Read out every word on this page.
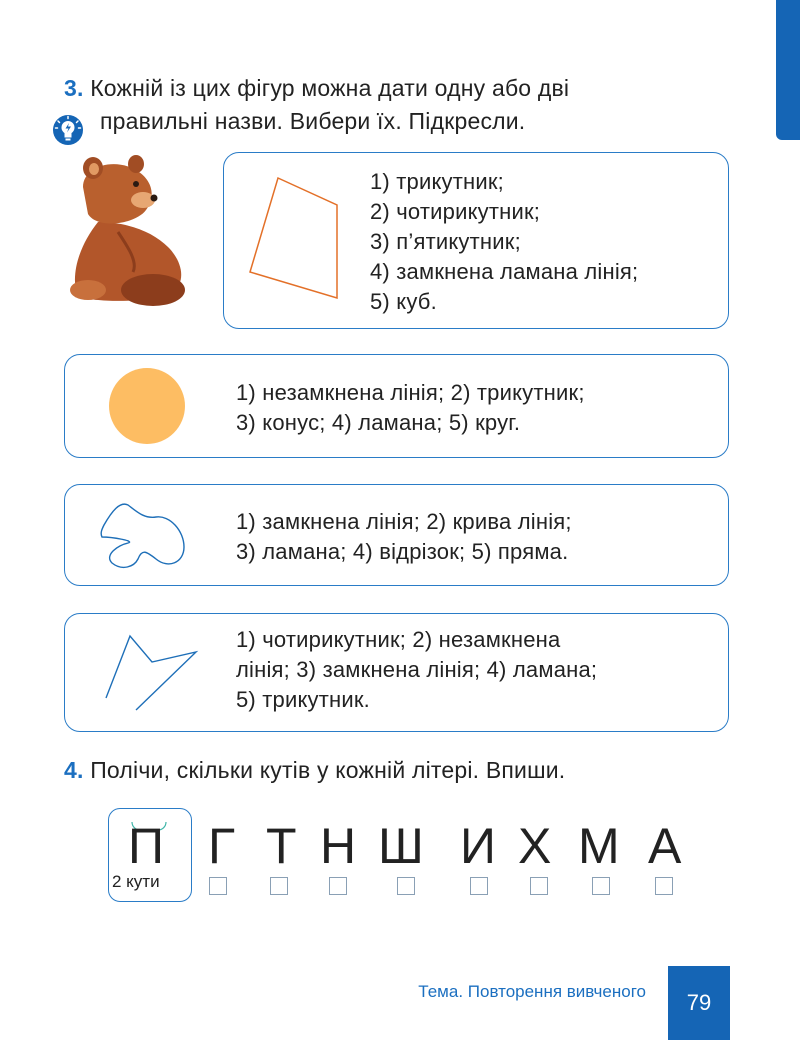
3. Кожній із цих фігур можна дати одну або дві
правильні назви. Вибери їх. Підкресли.
1) трикутник;
2) чотирикутник;
3) п’ятикутник;
4) замкнена ламана лінія;
5) куб.
1) незамкнена лінія; 2) трикутник;
3) конус; 4) ламана; 5) круг.
1) замкнена лінія; 2) крива лінія;
3) ламана; 4) відрізок; 5) пряма.
1) чотирикутник; 2) незамкнена
лінія; 3) замкнена лінія; 4) ламана;
5) трикутник.
4. Полічи, скільки кутів у кожній літері. Впиши.
П
2 кути
Г Т Н Ш И Х М А
Тема. Повторення вивченого	79
